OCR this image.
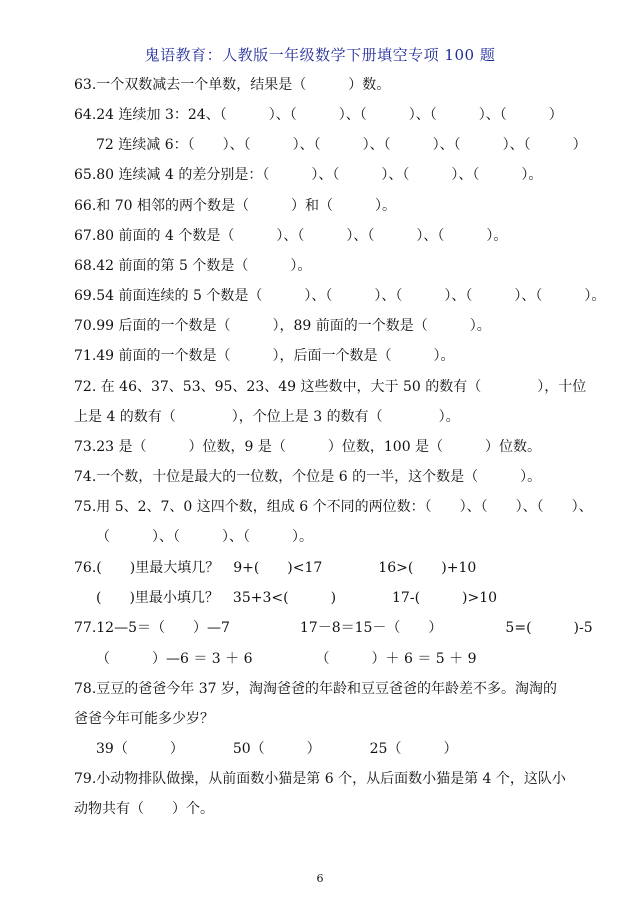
鬼语教育：人教版一年级数学下册填空专项 100 题
63.一个双数减去一个单数，结果是（　　　）数。
64.24 连续加 3：24、（　　　）、（　　　）、（　　　）、（　　　）、（　　　）
72 连续减 6：（　　）、（　　　）、（　　　）、（　　　）、（　　　）、（　　　）
65.80 连续减 4 的差分别是：（　　　）、（　　　）、（　　　）、（　　　）。
66.和 70 相邻的两个数是（　　　）和（　　　）。
67.80 前面的 4 个数是（　　　）、（　　　）、（　　　）、（　　　）。
68.42 前面的第 5 个数是（　　　）。
69.54 前面连续的 5 个数是（　　　）、（　　　）、（　　　）、（　　　）、（　　　）。
70.99 后面的一个数是（　　　），89 前面的一个数是（　　　）。
71.49 前面的一个数是（　　　），后面一个数是（　　　）。
72. 在 46、37、53、95、23、49 这些数中，大于 50 的数有（　　　　），十位
上是 4 的数有（　　　　），个位上是 3 的数有（　　　　）。
73.23 是（　　　）位数，9 是（　　　）位数，100 是（　　　）位数。
74.一个数，十位是最大的一位数，个位是 6 的一半，这个数是（　　　）。
75.用 5、2、7、0 这四个数，组成 6 个不同的两位数：（　　）、（　　）、（　　）、
（　　　）、（　　　）、（　　　）。
76.(　　)里最大填几？　9+(　　)<17　　　　16>(　　)+10
(　　)里最小填几？　35+3<(　　　)　　　　17-(　　　)>10
77.12—5＝（　　）—7　　　　　17－8＝15－（　　）　　　　　5=(　　　)-5
（　　　）—6 ＝ 3 ＋ 6　　　　　（　　　）＋ 6 ＝ 5 ＋ 9
78.豆豆的爸爸今年 37 岁，淘淘爸爸的年龄和豆豆爸爸的年龄差不多。淘淘的
爸爸今年可能多少岁？
39（　　　）　　　　50（　　　）　　　　25（　　　）
79.小动物排队做操，从前面数小猫是第 6 个，从后面数小猫是第 4 个，这队小
动物共有（　　）个。
6
